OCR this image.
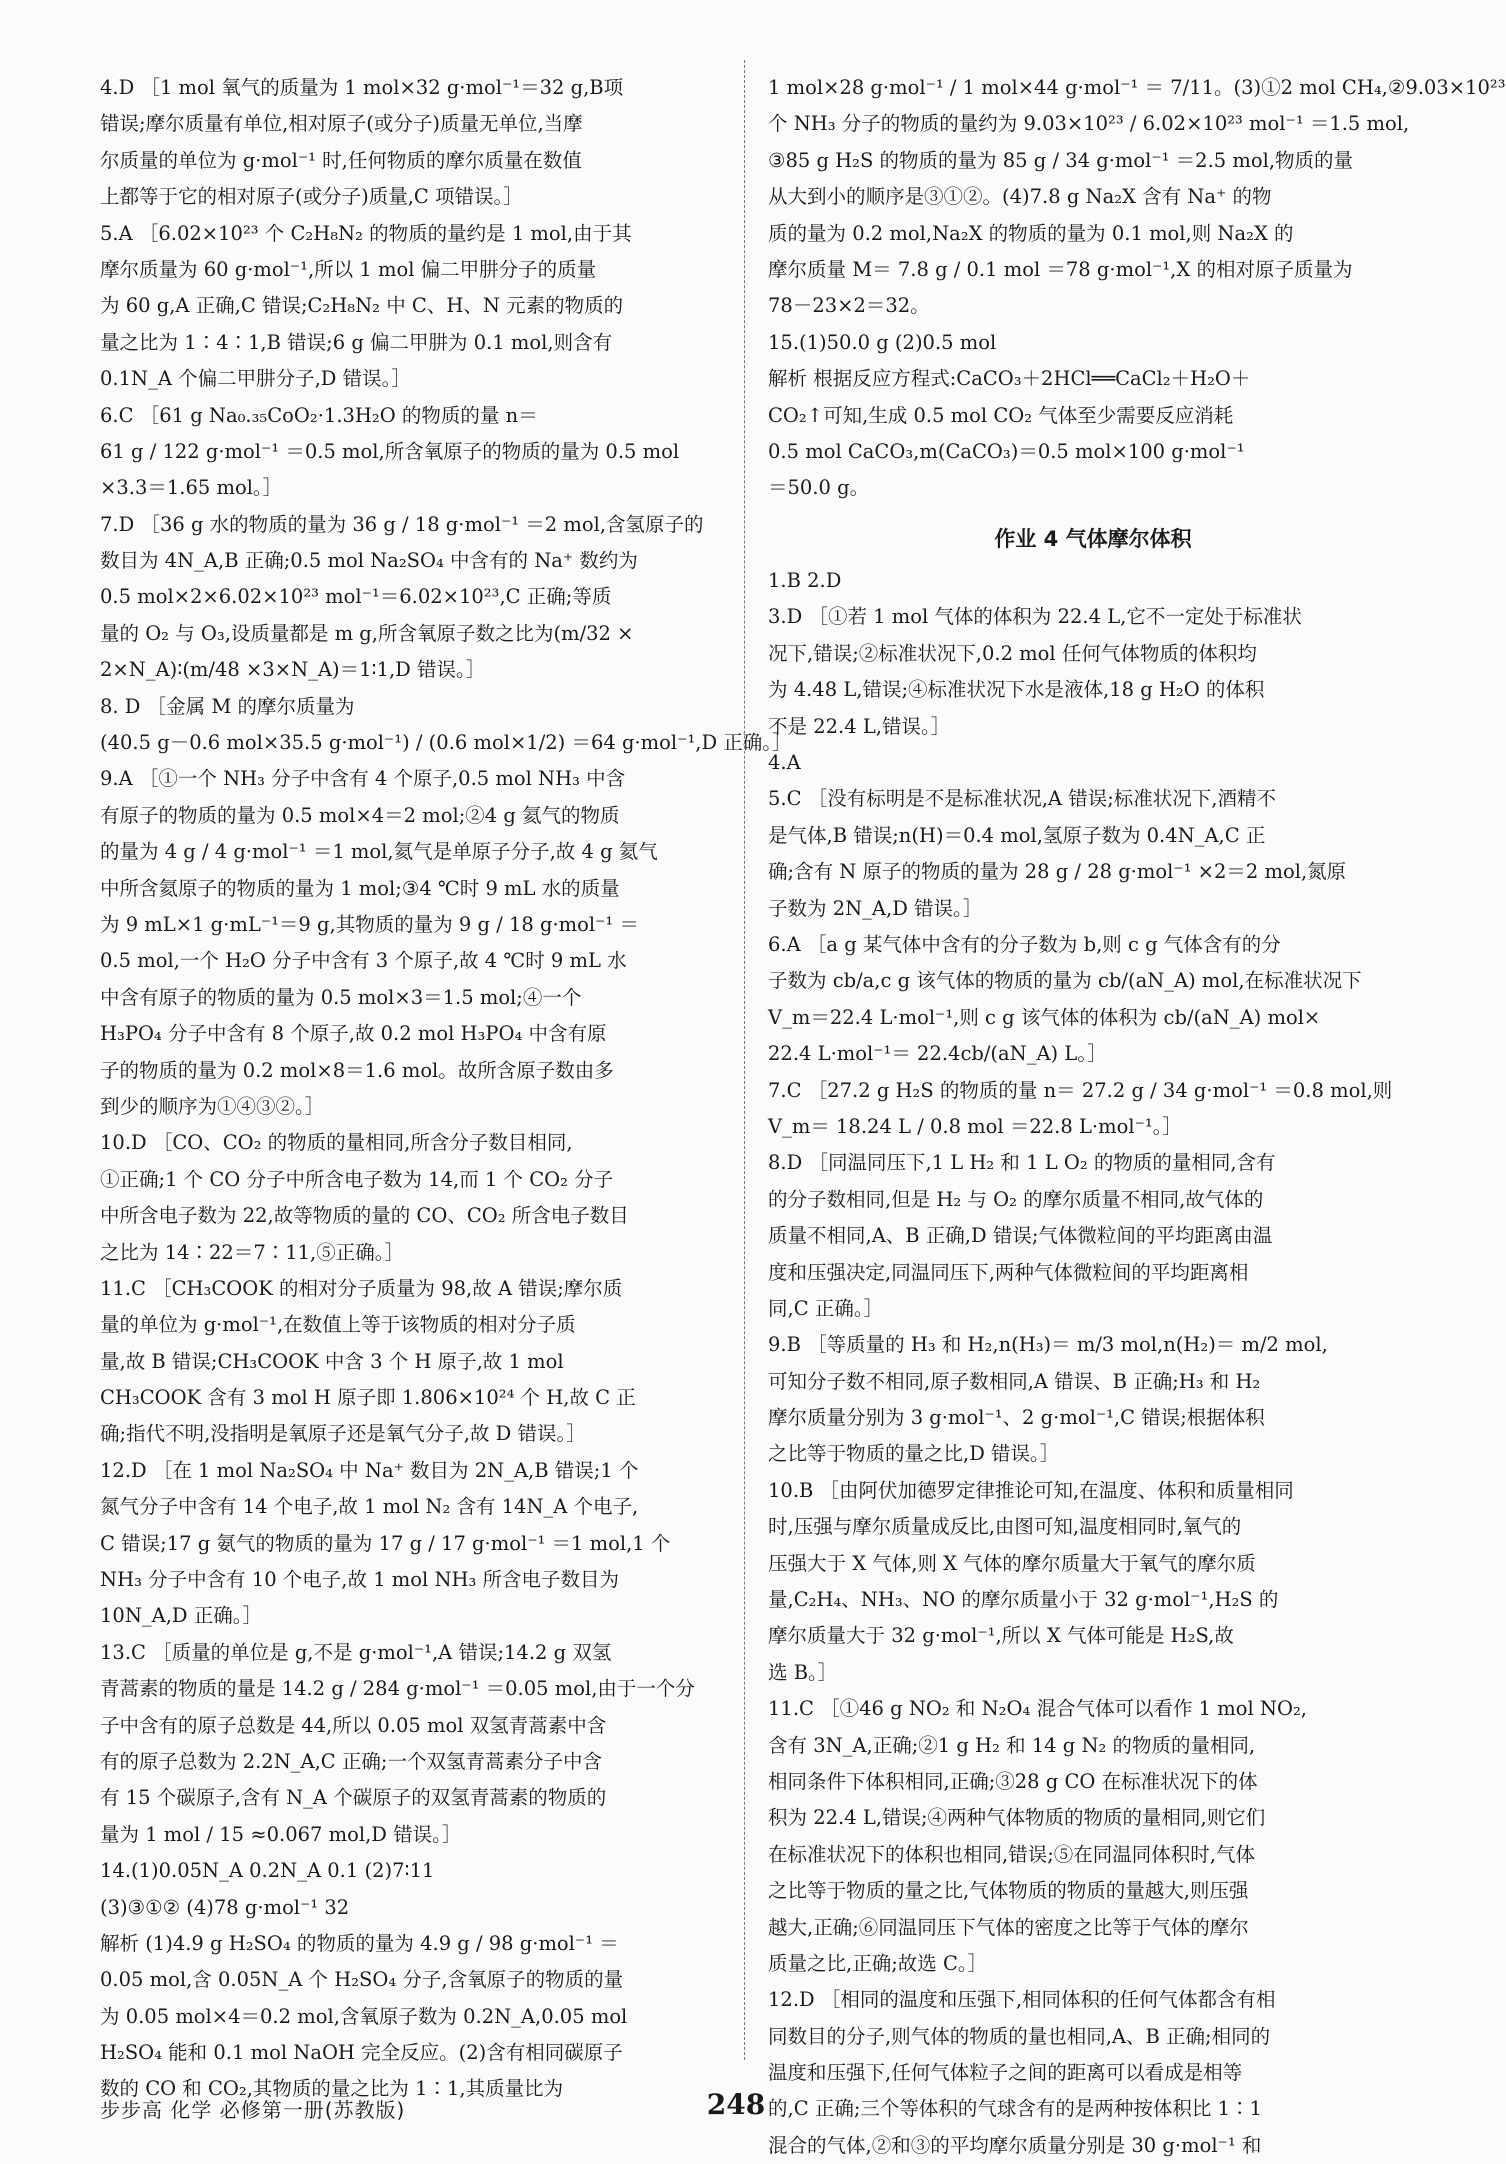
4.D ［1 mol 氧气的质量为 1 mol×32 g·mol⁻¹＝32 g,B项
错误;摩尔质量有单位,相对原子(或分子)质量无单位,当摩
尔质量的单位为 g·mol⁻¹ 时,任何物质的摩尔质量在数值
上都等于它的相对原子(或分子)质量,C 项错误。］
5.A ［6.02×10²³ 个 C₂H₈N₂ 的物质的量约是 1 mol,由于其
摩尔质量为 60 g·mol⁻¹,所以 1 mol 偏二甲肼分子的质量
为 60 g,A 正确,C 错误;C₂H₈N₂ 中 C、H、N 元素的物质的
量之比为 1∶4∶1,B 错误;6 g 偏二甲肼为 0.1 mol,则含有
0.1N_A 个偏二甲肼分子,D 错误。］
6.C ［61 g Na₀.₃₅CoO₂·1.3H₂O 的物质的量 n＝
61 g / 122 g·mol⁻¹ ＝0.5 mol,所含氧原子的物质的量为 0.5 mol
×3.3＝1.65 mol。］
7.D ［36 g 水的物质的量为 36 g / 18 g·mol⁻¹ ＝2 mol,含氢原子的
数目为 4N_A,B 正确;0.5 mol Na₂SO₄ 中含有的 Na⁺ 数约为
0.5 mol×2×6.02×10²³ mol⁻¹＝6.02×10²³,C 正确;等质
量的 O₂ 与 O₃,设质量都是 m g,所含氧原子数之比为(m/32 ×
2×N_A)∶(m/48 ×3×N_A)＝1∶1,D 错误。］
8. D ［金属 M 的摩尔质量为
(40.5 g－0.6 mol×35.5 g·mol⁻¹) / (0.6 mol×1/2) ＝64 g·mol⁻¹,D 正确。］
9.A ［①一个 NH₃ 分子中含有 4 个原子,0.5 mol NH₃ 中含
有原子的物质的量为 0.5 mol×4＝2 mol;②4 g 氦气的物质
的量为 4 g / 4 g·mol⁻¹ ＝1 mol,氦气是单原子分子,故 4 g 氦气
中所含氦原子的物质的量为 1 mol;③4 ℃时 9 mL 水的质量
为 9 mL×1 g·mL⁻¹＝9 g,其物质的量为 9 g / 18 g·mol⁻¹ ＝
0.5 mol,一个 H₂O 分子中含有 3 个原子,故 4 ℃时 9 mL 水
中含有原子的物质的量为 0.5 mol×3＝1.5 mol;④一个
H₃PO₄ 分子中含有 8 个原子,故 0.2 mol H₃PO₄ 中含有原
子的物质的量为 0.2 mol×8＝1.6 mol。故所含原子数由多
到少的顺序为①④③②。］
10.D ［CO、CO₂ 的物质的量相同,所含分子数目相同,
①正确;1 个 CO 分子中所含电子数为 14,而 1 个 CO₂ 分子
中所含电子数为 22,故等物质的量的 CO、CO₂ 所含电子数目
之比为 14∶22＝7∶11,⑤正确。］
11.C ［CH₃COOK 的相对分子质量为 98,故 A 错误;摩尔质
量的单位为 g·mol⁻¹,在数值上等于该物质的相对分子质
量,故 B 错误;CH₃COOK 中含 3 个 H 原子,故 1 mol
CH₃COOK 含有 3 mol H 原子即 1.806×10²⁴ 个 H,故 C 正
确;指代不明,没指明是氧原子还是氧气分子,故 D 错误。］
12.D ［在 1 mol Na₂SO₄ 中 Na⁺ 数目为 2N_A,B 错误;1 个
氮气分子中含有 14 个电子,故 1 mol N₂ 含有 14N_A 个电子,
C 错误;17 g 氨气的物质的量为 17 g / 17 g·mol⁻¹ ＝1 mol,1 个
NH₃ 分子中含有 10 个电子,故 1 mol NH₃ 所含电子数目为
10N_A,D 正确。］
13.C ［质量的单位是 g,不是 g·mol⁻¹,A 错误;14.2 g 双氢
青蒿素的物质的量是 14.2 g / 284 g·mol⁻¹ ＝0.05 mol,由于一个分
子中含有的原子总数是 44,所以 0.05 mol 双氢青蒿素中含
有的原子总数为 2.2N_A,C 正确;一个双氢青蒿素分子中含
有 15 个碳原子,含有 N_A 个碳原子的双氢青蒿素的物质的
量为 1 mol / 15 ≈0.067 mol,D 错误。］
14.(1)0.05N_A 0.2N_A 0.1 (2)7∶11
(3)③①② (4)78 g·mol⁻¹ 32
解析 (1)4.9 g H₂SO₄ 的物质的量为 4.9 g / 98 g·mol⁻¹ ＝
0.05 mol,含 0.05N_A 个 H₂SO₄ 分子,含氧原子的物质的量
为 0.05 mol×4＝0.2 mol,含氧原子数为 0.2N_A,0.05 mol
H₂SO₄ 能和 0.1 mol NaOH 完全反应。(2)含有相同碳原子
数的 CO 和 CO₂,其物质的量之比为 1∶1,其质量比为
1 mol×28 g·mol⁻¹ / 1 mol×44 g·mol⁻¹ ＝ 7/11。(3)①2 mol CH₄,②9.03×10²³
个 NH₃ 分子的物质的量约为 9.03×10²³ / 6.02×10²³ mol⁻¹ ＝1.5 mol,
③85 g H₂S 的物质的量为 85 g / 34 g·mol⁻¹ ＝2.5 mol,物质的量
从大到小的顺序是③①②。(4)7.8 g Na₂X 含有 Na⁺ 的物
质的量为 0.2 mol,Na₂X 的物质的量为 0.1 mol,则 Na₂X 的
摩尔质量 M＝ 7.8 g / 0.1 mol ＝78 g·mol⁻¹,X 的相对原子质量为
78－23×2＝32。
15.(1)50.0 g (2)0.5 mol
解析 根据反应方程式:CaCO₃＋2HCl══CaCl₂＋H₂O＋
CO₂↑可知,生成 0.5 mol CO₂ 气体至少需要反应消耗
0.5 mol CaCO₃,m(CaCO₃)＝0.5 mol×100 g·mol⁻¹
＝50.0 g。
作业 4 气体摩尔体积
1.B 2.D
3.D ［①若 1 mol 气体的体积为 22.4 L,它不一定处于标准状
况下,错误;②标准状况下,0.2 mol 任何气体物质的体积均
为 4.48 L,错误;④标准状况下水是液体,18 g H₂O 的体积
不是 22.4 L,错误。］
4.A
5.C ［没有标明是不是标准状况,A 错误;标准状况下,酒精不
是气体,B 错误;n(H)＝0.4 mol,氢原子数为 0.4N_A,C 正
确;含有 N 原子的物质的量为 28 g / 28 g·mol⁻¹ ×2＝2 mol,氮原
子数为 2N_A,D 错误。］
6.A ［a g 某气体中含有的分子数为 b,则 c g 气体含有的分
子数为 cb/a,c g 该气体的物质的量为 cb/(aN_A) mol,在标准状况下
V_m＝22.4 L·mol⁻¹,则 c g 该气体的体积为 cb/(aN_A) mol×
22.4 L·mol⁻¹＝ 22.4cb/(aN_A) L。］
7.C ［27.2 g H₂S 的物质的量 n＝ 27.2 g / 34 g·mol⁻¹ ＝0.8 mol,则
V_m＝ 18.24 L / 0.8 mol ＝22.8 L·mol⁻¹。］
8.D ［同温同压下,1 L H₂ 和 1 L O₂ 的物质的量相同,含有
的分子数相同,但是 H₂ 与 O₂ 的摩尔质量不相同,故气体的
质量不相同,A、B 正确,D 错误;气体微粒间的平均距离由温
度和压强决定,同温同压下,两种气体微粒间的平均距离相
同,C 正确。］
9.B ［等质量的 H₃ 和 H₂,n(H₃)＝ m/3 mol,n(H₂)＝ m/2 mol,
可知分子数不相同,原子数相同,A 错误、B 正确;H₃ 和 H₂
摩尔质量分别为 3 g·mol⁻¹、2 g·mol⁻¹,C 错误;根据体积
之比等于物质的量之比,D 错误。］
10.B ［由阿伏加德罗定律推论可知,在温度、体积和质量相同
时,压强与摩尔质量成反比,由图可知,温度相同时,氧气的
压强大于 X 气体,则 X 气体的摩尔质量大于氧气的摩尔质
量,C₂H₄、NH₃、NO 的摩尔质量小于 32 g·mol⁻¹,H₂S 的
摩尔质量大于 32 g·mol⁻¹,所以 X 气体可能是 H₂S,故
选 B。］
11.C ［①46 g NO₂ 和 N₂O₄ 混合气体可以看作 1 mol NO₂,
含有 3N_A,正确;②1 g H₂ 和 14 g N₂ 的物质的量相同,
相同条件下体积相同,正确;③28 g CO 在标准状况下的体
积为 22.4 L,错误;④两种气体物质的物质的量相同,则它们
在标准状况下的体积也相同,错误;⑤在同温同体积时,气体
之比等于物质的量之比,气体物质的物质的量越大,则压强
越大,正确;⑥同温同压下气体的密度之比等于气体的摩尔
质量之比,正确;故选 C。］
12.D ［相同的温度和压强下,相同体积的任何气体都含有相
同数目的分子,则气体的物质的量也相同,A、B 正确;相同的
温度和压强下,任何气体粒子之间的距离可以看成是相等
的,C 正确;三个等体积的气球含有的是两种按体积比 1∶1
混合的气体,②和③的平均摩尔质量分别是 30 g·mol⁻¹ 和
步步高 化学 必修第一册(苏教版)	248
